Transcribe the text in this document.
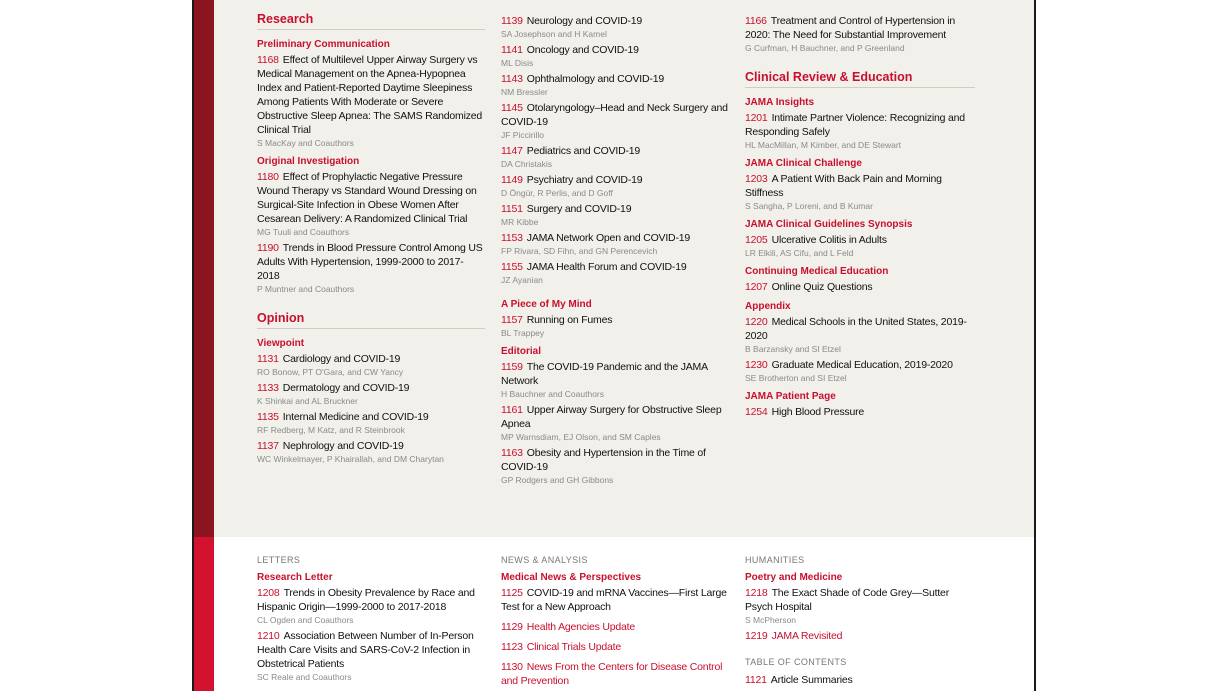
Research
Preliminary Communication
1168 Effect of Multilevel Upper Airway Surgery vs Medical Management on the Apnea-Hypopnea Index and Patient-Reported Daytime Sleepiness Among Patients With Moderate or Severe Obstructive Sleep Apnea: The SAMS Randomized Clinical Trial
S MacKay and Coauthors
Original Investigation
1180 Effect of Prophylactic Negative Pressure Wound Therapy vs Standard Wound Dressing on Surgical-Site Infection in Obese Women After Cesarean Delivery: A Randomized Clinical Trial
MG Tuuli and Coauthors
1190 Trends in Blood Pressure Control Among US Adults With Hypertension, 1999-2000 to 2017-2018
P Muntner and Coauthors
Opinion
Viewpoint
1131 Cardiology and COVID-19
RO Bonow, PT O'Gara, and CW Yancy
1133 Dermatology and COVID-19
K Shinkai and AL Bruckner
1135 Internal Medicine and COVID-19
RF Redberg, M Katz, and R Steinbrook
1137 Nephrology and COVID-19
WC Winkelmayer, P Khairallah, and DM Charytan
1139 Neurology and COVID-19
SA Josephson and H Kamel
1141 Oncology and COVID-19
ML Disis
1143 Ophthalmology and COVID-19
NM Bressler
1145 Otolaryngology–Head and Neck Surgery and COVID-19
JF Piccirillo
1147 Pediatrics and COVID-19
DA Christakis
1149 Psychiatry and COVID-19
D Öngür, R Perlis, and D Goff
1151 Surgery and COVID-19
MR Kibbe
1153 JAMA Network Open and COVID-19
FP Rivara, SD Fihn, and GN Perencevich
1155 JAMA Health Forum and COVID-19
JZ Ayanian
A Piece of My Mind
1157 Running on Fumes
BL Trappey
Editorial
1159 The COVID-19 Pandemic and the JAMA Network
H Bauchner and Coauthors
1161 Upper Airway Surgery for Obstructive Sleep Apnea
MP Warnsdiam, EJ Olson, and SM Caples
1163 Obesity and Hypertension in the Time of COVID-19
GP Rodgers and GH Gibbons
1166 Treatment and Control of Hypertension in 2020: The Need for Substantial Improvement
G Curfman, H Bauchner, and P Greenland
Clinical Review & Education
JAMA Insights
1201 Intimate Partner Violence: Recognizing and Responding Safely
HL MacMillan, M Kimber, and DE Stewart
JAMA Clinical Challenge
1203 A Patient With Back Pain and Morning Stiffness
S Sangha, P Loreni, and B Kumar
JAMA Clinical Guidelines Synopsis
1205 Ulcerative Colitis in Adults
LR Elkili, AS Cifu, and L Feld
Continuing Medical Education
1207 Online Quiz Questions
Appendix
1220 Medical Schools in the United States, 2019-2020
B Barzansky and SI Etzel
1230 Graduate Medical Education, 2019-2020
SE Brotherton and SI Etzel
JAMA Patient Page
1254 High Blood Pressure
LETTERS
Research Letter
1208 Trends in Obesity Prevalence by Race and Hispanic Origin—1999-2000 to 2017-2018
CL Ogden and Coauthors
1210 Association Between Number of In-Person Health Care Visits and SARS-CoV-2 Infection in Obstetrical Patients
SC Reale and Coauthors
NEWS & ANALYSIS
Medical News & Perspectives
1125 COVID-19 and mRNA Vaccines—First Large Test for a New Approach
1129 Health Agencies Update
1123 Clinical Trials Update
1130 News From the Centers for Disease Control and Prevention
HUMANITIES
Poetry and Medicine
1218 The Exact Shade of Code Grey—Sutter Psych Hospital
S McPherson
1219 JAMA Revisited
TABLE OF CONTENTS
1121 Article Summaries
